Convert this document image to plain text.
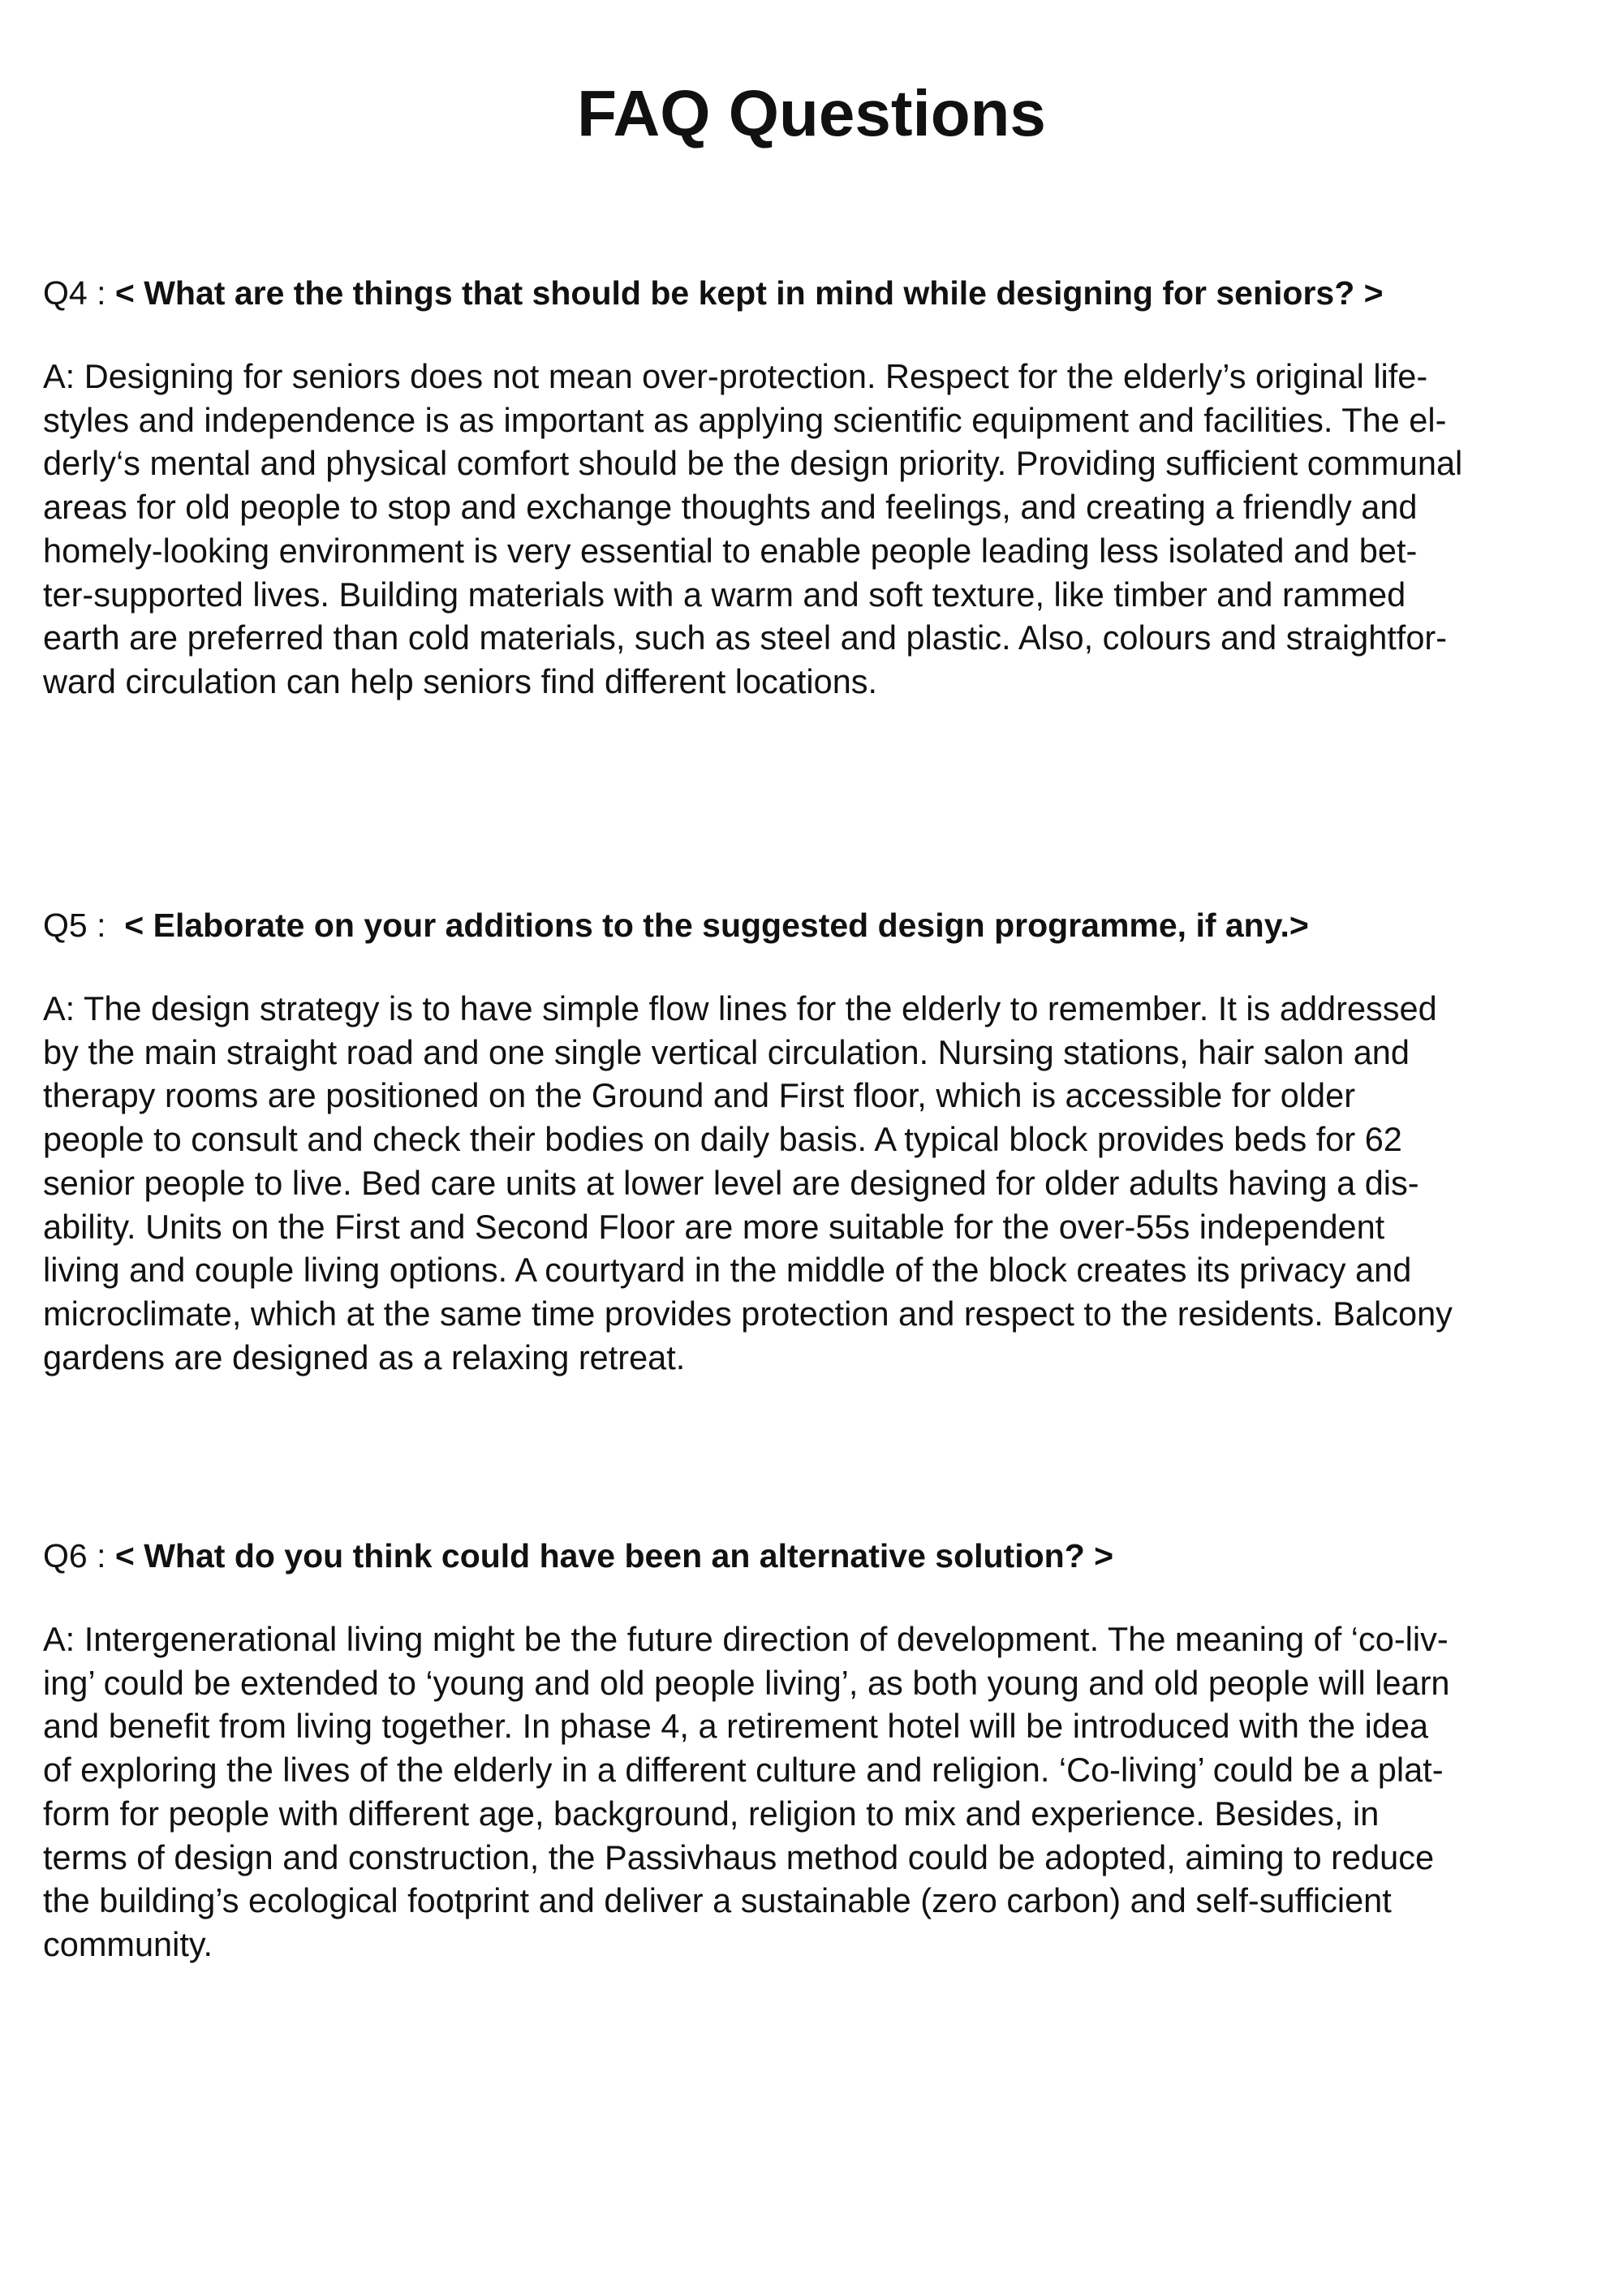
FAQ Questions

Q4 : < What are the things that should be kept in mind while designing for seniors? >

A: Designing for seniors does not mean over-protection. Respect for the elderly’s original life-
styles and independence is as important as applying scientific equipment and facilities. The el-
derly‘s mental and physical comfort should be the design priority. Providing sufficient communal
areas for old people to stop and exchange thoughts and feelings, and creating a friendly and
homely-looking environment is very essential to enable people leading less isolated and bet-
ter-supported lives. Building materials with a warm and soft texture, like timber and rammed
earth are preferred than cold materials, such as steel and plastic. Also, colours and straightfor-
ward circulation can help seniors find different locations.

Q5 : < Elaborate on your additions to the suggested design programme, if any.>

A: The design strategy is to have simple flow lines for the elderly to remember. It is addressed
by the main straight road and one single vertical circulation. Nursing stations, hair salon and
therapy rooms are positioned on the Ground and First floor, which is accessible for older
people to consult and check their bodies on daily basis. A typical block provides beds for 62
senior people to live. Bed care units at lower level are designed for older adults having a dis-
ability. Units on the First and Second Floor are more suitable for the over-55s independent
living and couple living options. A courtyard in the middle of the block creates its privacy and
microclimate, which at the same time provides protection and respect to the residents. Balcony
gardens are designed as a relaxing retreat.

Q6 : < What do you think could have been an alternative solution? >

A: Intergenerational living might be the future direction of development. The meaning of ‘co-liv-
ing’ could be extended to ‘young and old people living’, as both young and old people will learn
and benefit from living together. In phase 4, a retirement hotel will be introduced with the idea
of exploring the lives of the elderly in a different culture and religion. ‘Co-living’ could be a plat-
form for people with different age, background, religion to mix and experience. Besides, in
terms of design and construction, the Passivhaus method could be adopted, aiming to reduce
the building’s ecological footprint and deliver a sustainable (zero carbon) and self-sufficient
community.
